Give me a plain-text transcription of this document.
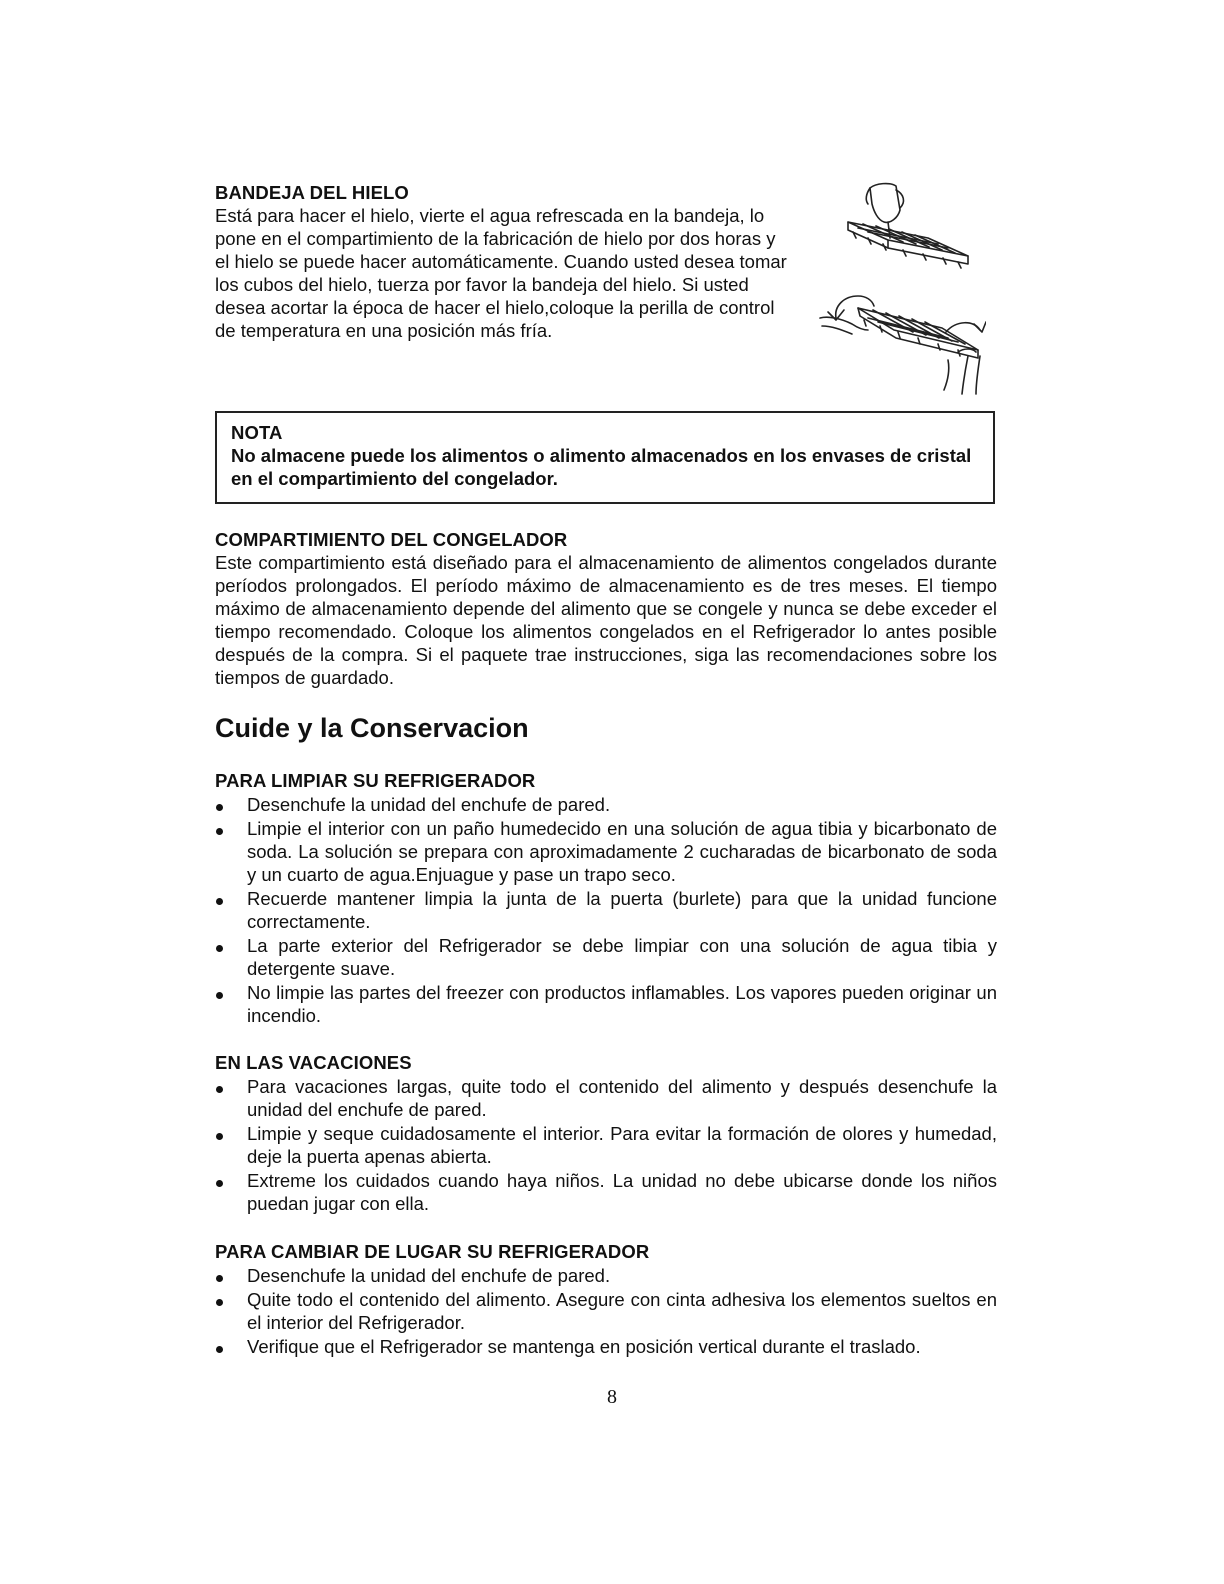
BANDEJA DEL HIELO

Está para hacer el hielo, vierte el agua refrescada en la bandeja, lo pone en el compartimiento de la fabricación de hielo por dos horas y el hielo se puede hacer automáticamente. Cuando usted desea tomar los cubos del hielo, tuerza por favor la bandeja del hielo. Si usted desea acortar la época de hacer el hielo,coloque la perilla de control de temperatura en una posición más fría.

NOTA

No almacene puede los alimentos o alimento almacenados en los envases de cristal en el compartimiento del congelador.

COMPARTIMIENTO DEL CONGELADOR

Este compartimiento está diseñado para el almacenamiento de alimentos congelados durante períodos prolongados. El período máximo de almacenamiento es de tres meses. El tiempo máximo de almacenamiento depende del alimento que se congele y nunca se debe exceder el tiempo recomendado. Coloque los alimentos congelados en el Refrigerador lo antes posible después de la compra. Si el paquete trae instrucciones, siga las recomendaciones sobre los tiempos de guardado.

Cuide y la Conservacion
PARA LIMPIAR SU REFRIGERADOR
Desenchufe la unidad del enchufe de pared.
Limpie el interior con un paño humedecido en una solución de agua tibia y bicarbonato de soda. La solución se prepara con aproximadamente 2 cucharadas de bicarbonato de soda y un cuarto de agua.Enjuague y pase un trapo seco.
Recuerde mantener limpia la junta de la puerta (burlete) para que la unidad funcione correctamente.
La parte exterior del Refrigerador se debe limpiar con una solución de agua tibia y detergente suave.
No limpie las partes del freezer con productos inflamables. Los vapores pueden originar un incendio.
EN LAS VACACIONES
Para vacaciones largas, quite todo el contenido del alimento y después desenchufe la unidad del enchufe de pared.
Limpie y seque cuidadosamente el interior. Para evitar la formación de olores y humedad, deje la puerta apenas abierta.
Extreme los cuidados cuando haya niños. La unidad no debe ubicarse donde los niños puedan jugar con ella.
PARA CAMBIAR DE LUGAR SU REFRIGERADOR
Desenchufe la unidad del enchufe de pared.
Quite todo el contenido del alimento. Asegure con cinta adhesiva los elementos sueltos en el interior del Refrigerador.
Verifique que el Refrigerador se mantenga en posición vertical durante el traslado.
8
